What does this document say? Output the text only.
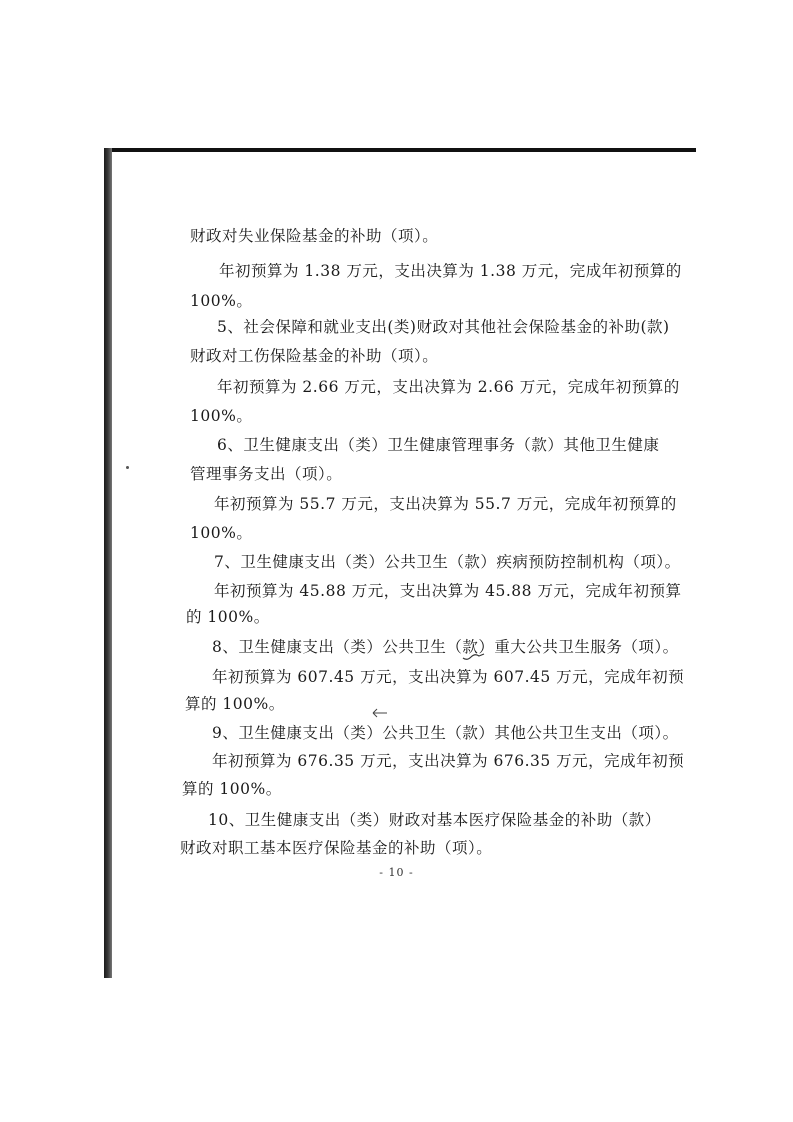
财政对失业保险基金的补助（项）。
年初预算为 1.38 万元，支出决算为 1.38 万元，完成年初预算的
100%。
5、社会保障和就业支出(类)财政对其他社会保险基金的补助(款)
财政对工伤保险基金的补助（项）。
年初预算为 2.66 万元，支出决算为 2.66 万元，完成年初预算的
100%。
6、卫生健康支出（类）卫生健康管理事务（款）其他卫生健康
管理事务支出（项）。
年初预算为 55.7 万元，支出决算为 55.7 万元，完成年初预算的
100%。
7、卫生健康支出（类）公共卫生（款）疾病预防控制机构（项）。
年初预算为 45.88 万元，支出决算为 45.88 万元，完成年初预算
的 100%。
8、卫生健康支出（类）公共卫生（款）重大公共卫生服务（项）。
年初预算为 607.45 万元，支出决算为 607.45 万元，完成年初预
算的 100%。
9、卫生健康支出（类）公共卫生（款）其他公共卫生支出（项）。
年初预算为 676.35 万元，支出决算为 676.35 万元，完成年初预
算的 100%。
10、卫生健康支出（类）财政对基本医疗保险基金的补助（款）
财政对职工基本医疗保险基金的补助（项）。
- 10 -
